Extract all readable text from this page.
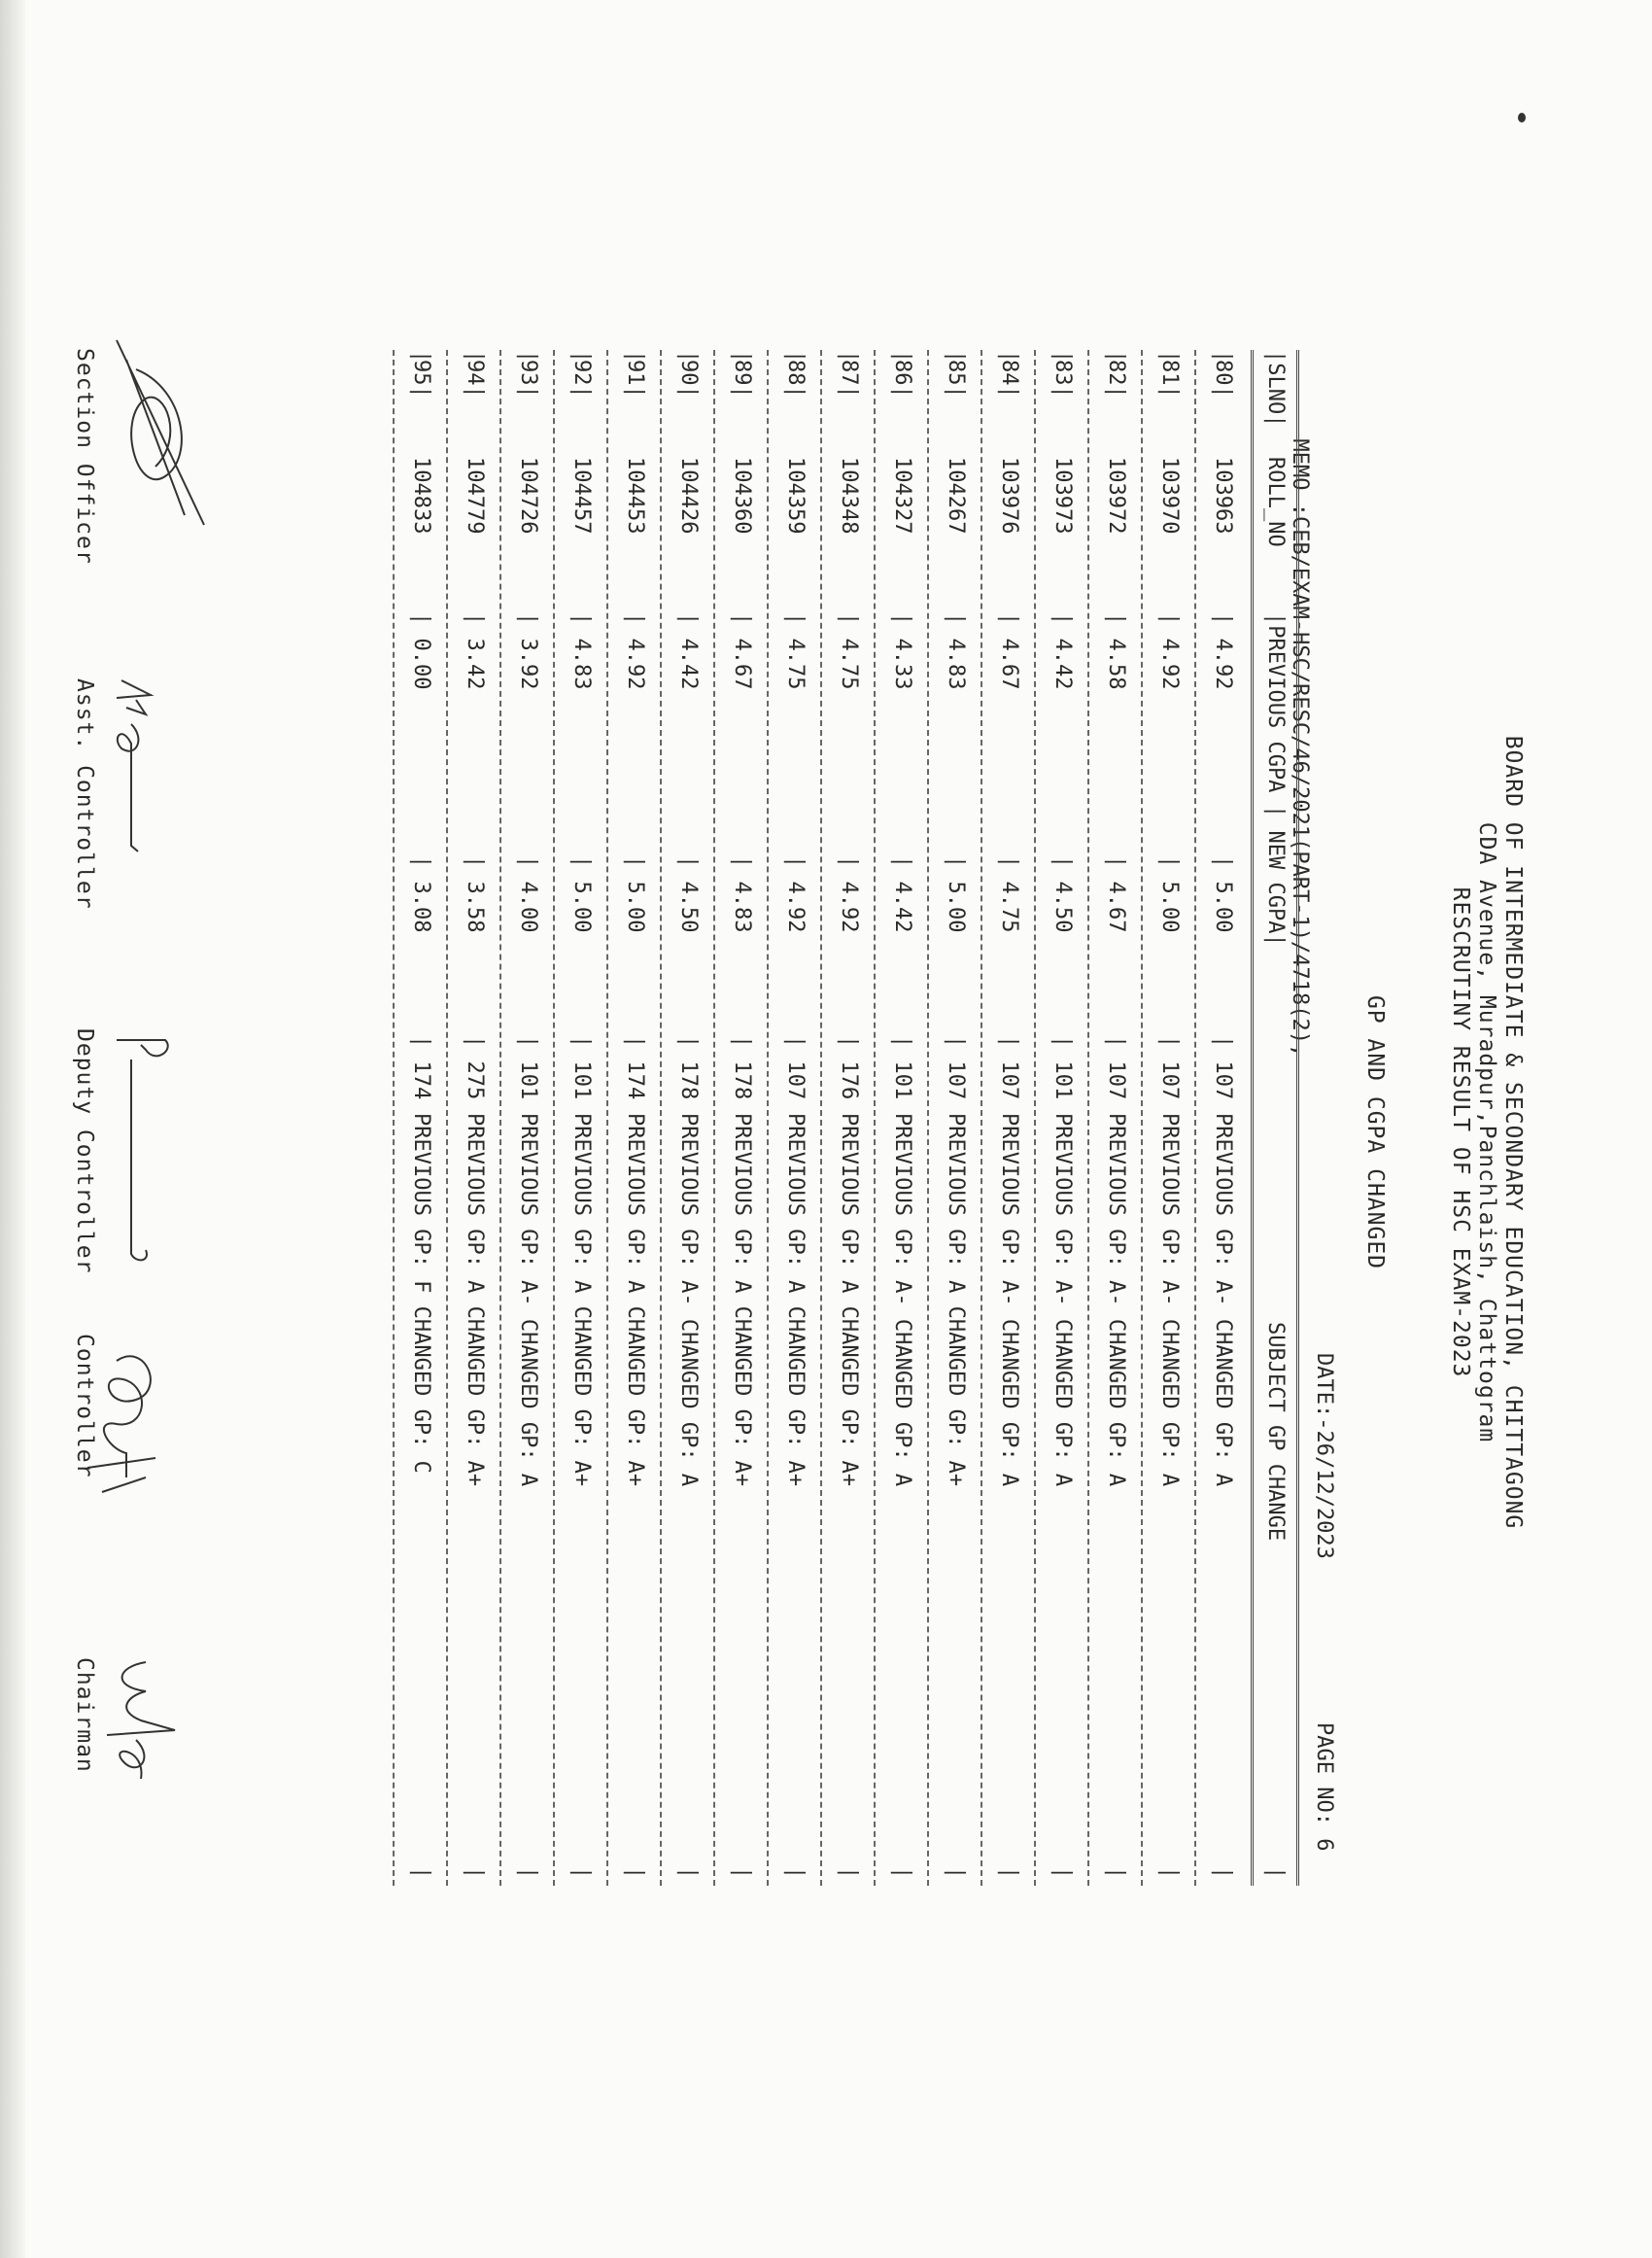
BOARD OF INTERMEDIATE & SECONDARY EDUCATION, CHITTAGONG
CDA Avenue, Muradpur,Panchlaish, Chattogram
RESCRUTINY RESULT OF HSC EXAM-2023
GP AND CGPA CHANGED

MEMO :CEB/EXAM-HSC/RESC/46/2021(PART-1)/4718(2),

DATE:-26/12/2023

PAGE NO: 6

|SLNO|

ROLL_NO

|PREVIOUS CGPA

| NEW CGPA|

SUBJECT GP CHANGE

|

|
80|
103963
| 4.92
| 5.00
| 107
PREVIOUS GP: A- CHANGED GP: A
|
|
81|
103970
| 4.92
| 5.00
| 107
PREVIOUS GP: A- CHANGED GP: A
|
|
82|
103972
| 4.58
| 4.67
| 107
PREVIOUS GP: A- CHANGED GP: A
|
|
83|
103973
| 4.42
| 4.50
| 101
PREVIOUS GP: A- CHANGED GP: A
|
|
84|
103976
| 4.67
| 4.75
| 107
PREVIOUS GP: A- CHANGED GP: A
|
|
85|
104267
| 4.83
| 5.00
| 107
PREVIOUS GP: A CHANGED GP: A+
|
|
86|
104327
| 4.33
| 4.42
| 101
PREVIOUS GP: A- CHANGED GP: A
|
|
87|
104348
| 4.75
| 4.92
| 176
PREVIOUS GP: A CHANGED GP: A+
|
|
88|
104359
| 4.75
| 4.92
| 107
PREVIOUS GP: A CHANGED GP: A+
|
|
89|
104360
| 4.67
| 4.83
| 178
PREVIOUS GP: A CHANGED GP: A+
|
|
90|
104426
| 4.42
| 4.50
| 178
PREVIOUS GP: A- CHANGED GP: A
|
|
91|
104453
| 4.92
| 5.00
| 174
PREVIOUS GP: A CHANGED GP: A+
|
|
92|
104457
| 4.83
| 5.00
| 101
PREVIOUS GP: A CHANGED GP: A+
|
|
93|
104726
| 3.92
| 4.00
| 101
PREVIOUS GP: A- CHANGED GP: A
|
|
94|
104779
| 3.42
| 3.58
| 275
PREVIOUS GP: A CHANGED GP: A+
|
|
95|
104833
| 0.00
| 3.08
| 174
PREVIOUS GP: F CHANGED GP: C
|
Section Officer
Asst. Controller
Deputy Controller
Controller
Chairman
